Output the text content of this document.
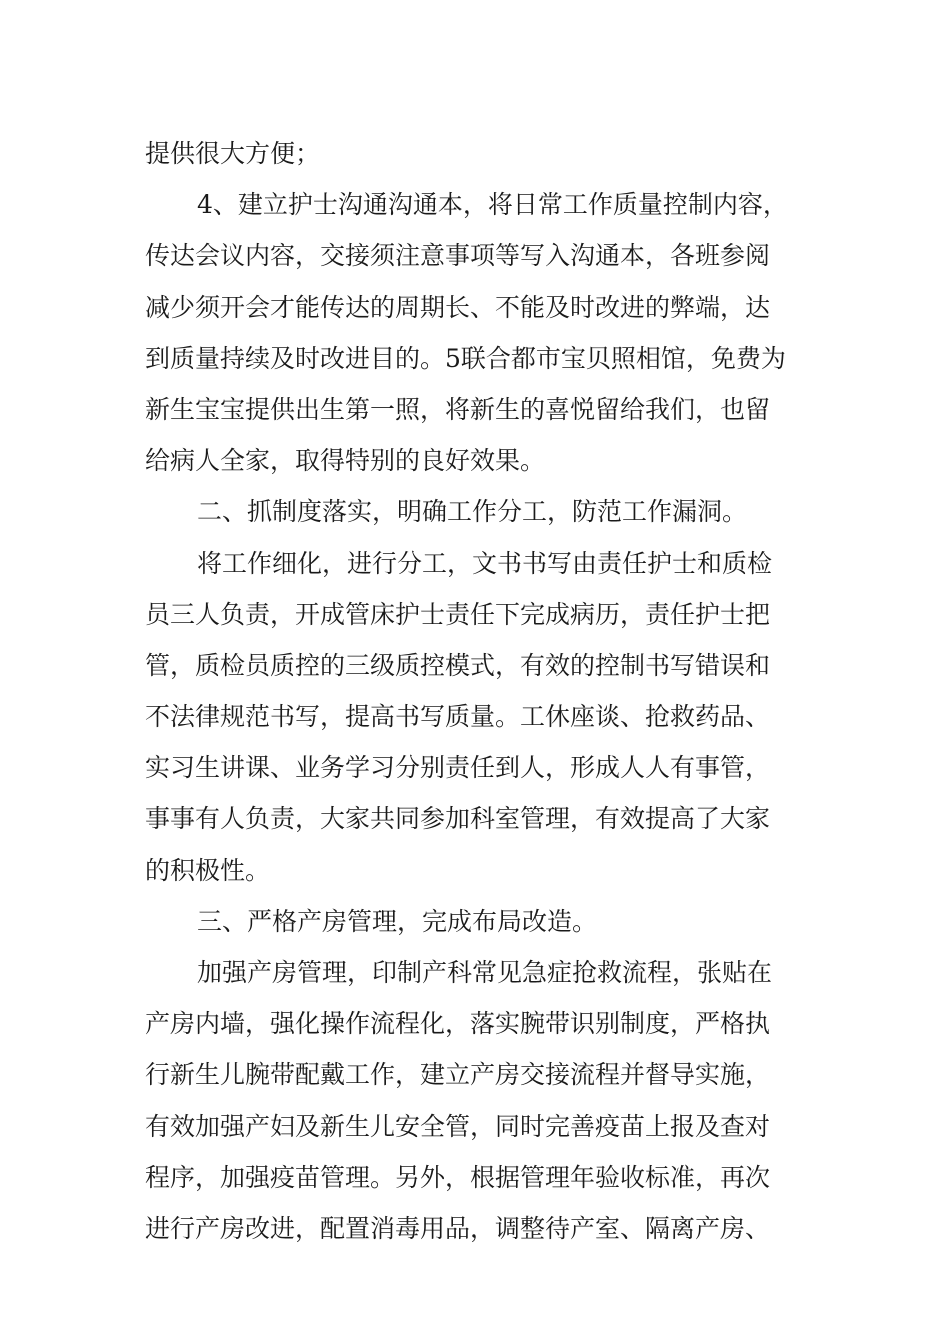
提供很大方便；
4、建立护士沟通沟通本，将日常工作质量控制内容，
传达会议内容，交接须注意事项等写入沟通本，各班参阅
减少须开会才能传达的周期长、不能及时改进的弊端，达
到质量持续及时改进目的。5联合都市宝贝照相馆，免费为
新生宝宝提供出生第一照，将新生的喜悦留给我们，也留
给病人全家，取得特别的良好效果。
二、抓制度落实，明确工作分工，防范工作漏洞。
将工作细化，进行分工，文书书写由责任护士和质检
员三人负责，开成管床护士责任下完成病历，责任护士把
管，质检员质控的三级质控模式，有效的控制书写错误和
不法律规范书写，提高书写质量。工休座谈、抢救药品、
实习生讲课、业务学习分别责任到人，形成人人有事管，
事事有人负责，大家共同参加科室管理，有效提高了大家
的积极性。
三、严格产房管理，完成布局改造。
加强产房管理，印制产科常见急症抢救流程，张贴在
产房内墙，强化操作流程化，落实腕带识别制度，严格执
行新生儿腕带配戴工作，建立产房交接流程并督导实施，
有效加强产妇及新生儿安全管，同时完善疫苗上报及查对
程序，加强疫苗管理。另外，根据管理年验收标准，再次
进行产房改进，配置消毒用品，调整待产室、隔离产房、
